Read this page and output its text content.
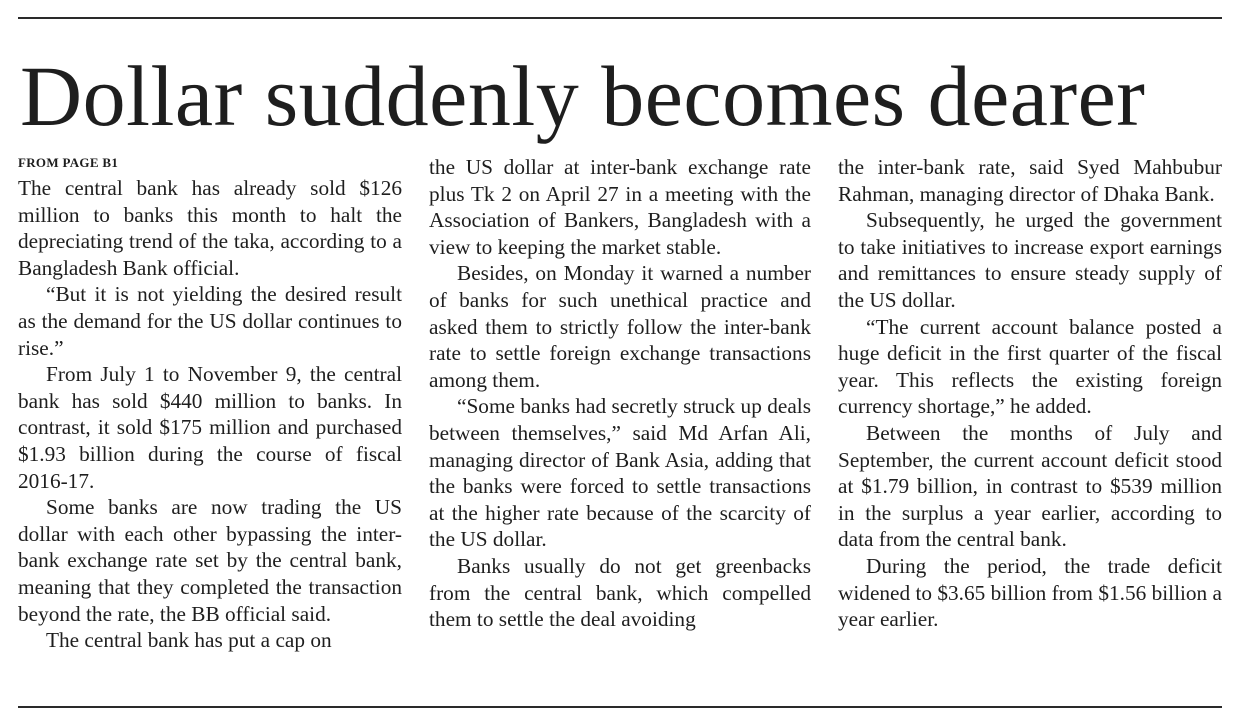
Dollar suddenly becomes dearer
FROM PAGE B1

The central bank has already sold $126 million to banks this month to halt the depreciating trend of the taka, according to a Bangladesh Bank official.

“But it is not yielding the desired result as the demand for the US dollar continues to rise.”

From July 1 to November 9, the central bank has sold $440 million to banks. In contrast, it sold $175 million and purchased $1.93 billion during the course of fiscal 2016-17.

Some banks are now trading the US dollar with each other bypassing the inter-bank exchange rate set by the central bank, meaning that they completed the transaction beyond the rate, the BB official said.

The central bank has put a cap on

the US dollar at inter-bank exchange rate plus Tk 2 on April 27 in a meeting with the Association of Bankers, Bangladesh with a view to keeping the market stable.

Besides, on Monday it warned a number of banks for such unethical practice and asked them to strictly follow the inter-bank rate to settle foreign exchange transactions among them.

“Some banks had secretly struck up deals between themselves,” said Md Arfan Ali, managing director of Bank Asia, adding that the banks were forced to settle transactions at the higher rate because of the scarcity of the US dollar.

Banks usually do not get greenbacks from the central bank, which compelled them to settle the deal avoiding

the inter-bank rate, said Syed Mahbubur Rahman, managing director of Dhaka Bank.

Subsequently, he urged the government to take initiatives to increase export earnings and remittances to ensure steady supply of the US dollar.

“The current account balance posted a huge deficit in the first quarter of the fiscal year. This reflects the existing foreign currency shortage,” he added.

Between the months of July and September, the current account deficit stood at $1.79 billion, in contrast to $539 million in the surplus a year earlier, according to data from the central bank.

During the period, the trade deficit widened to $3.65 billion from $1.56 billion a year earlier.
